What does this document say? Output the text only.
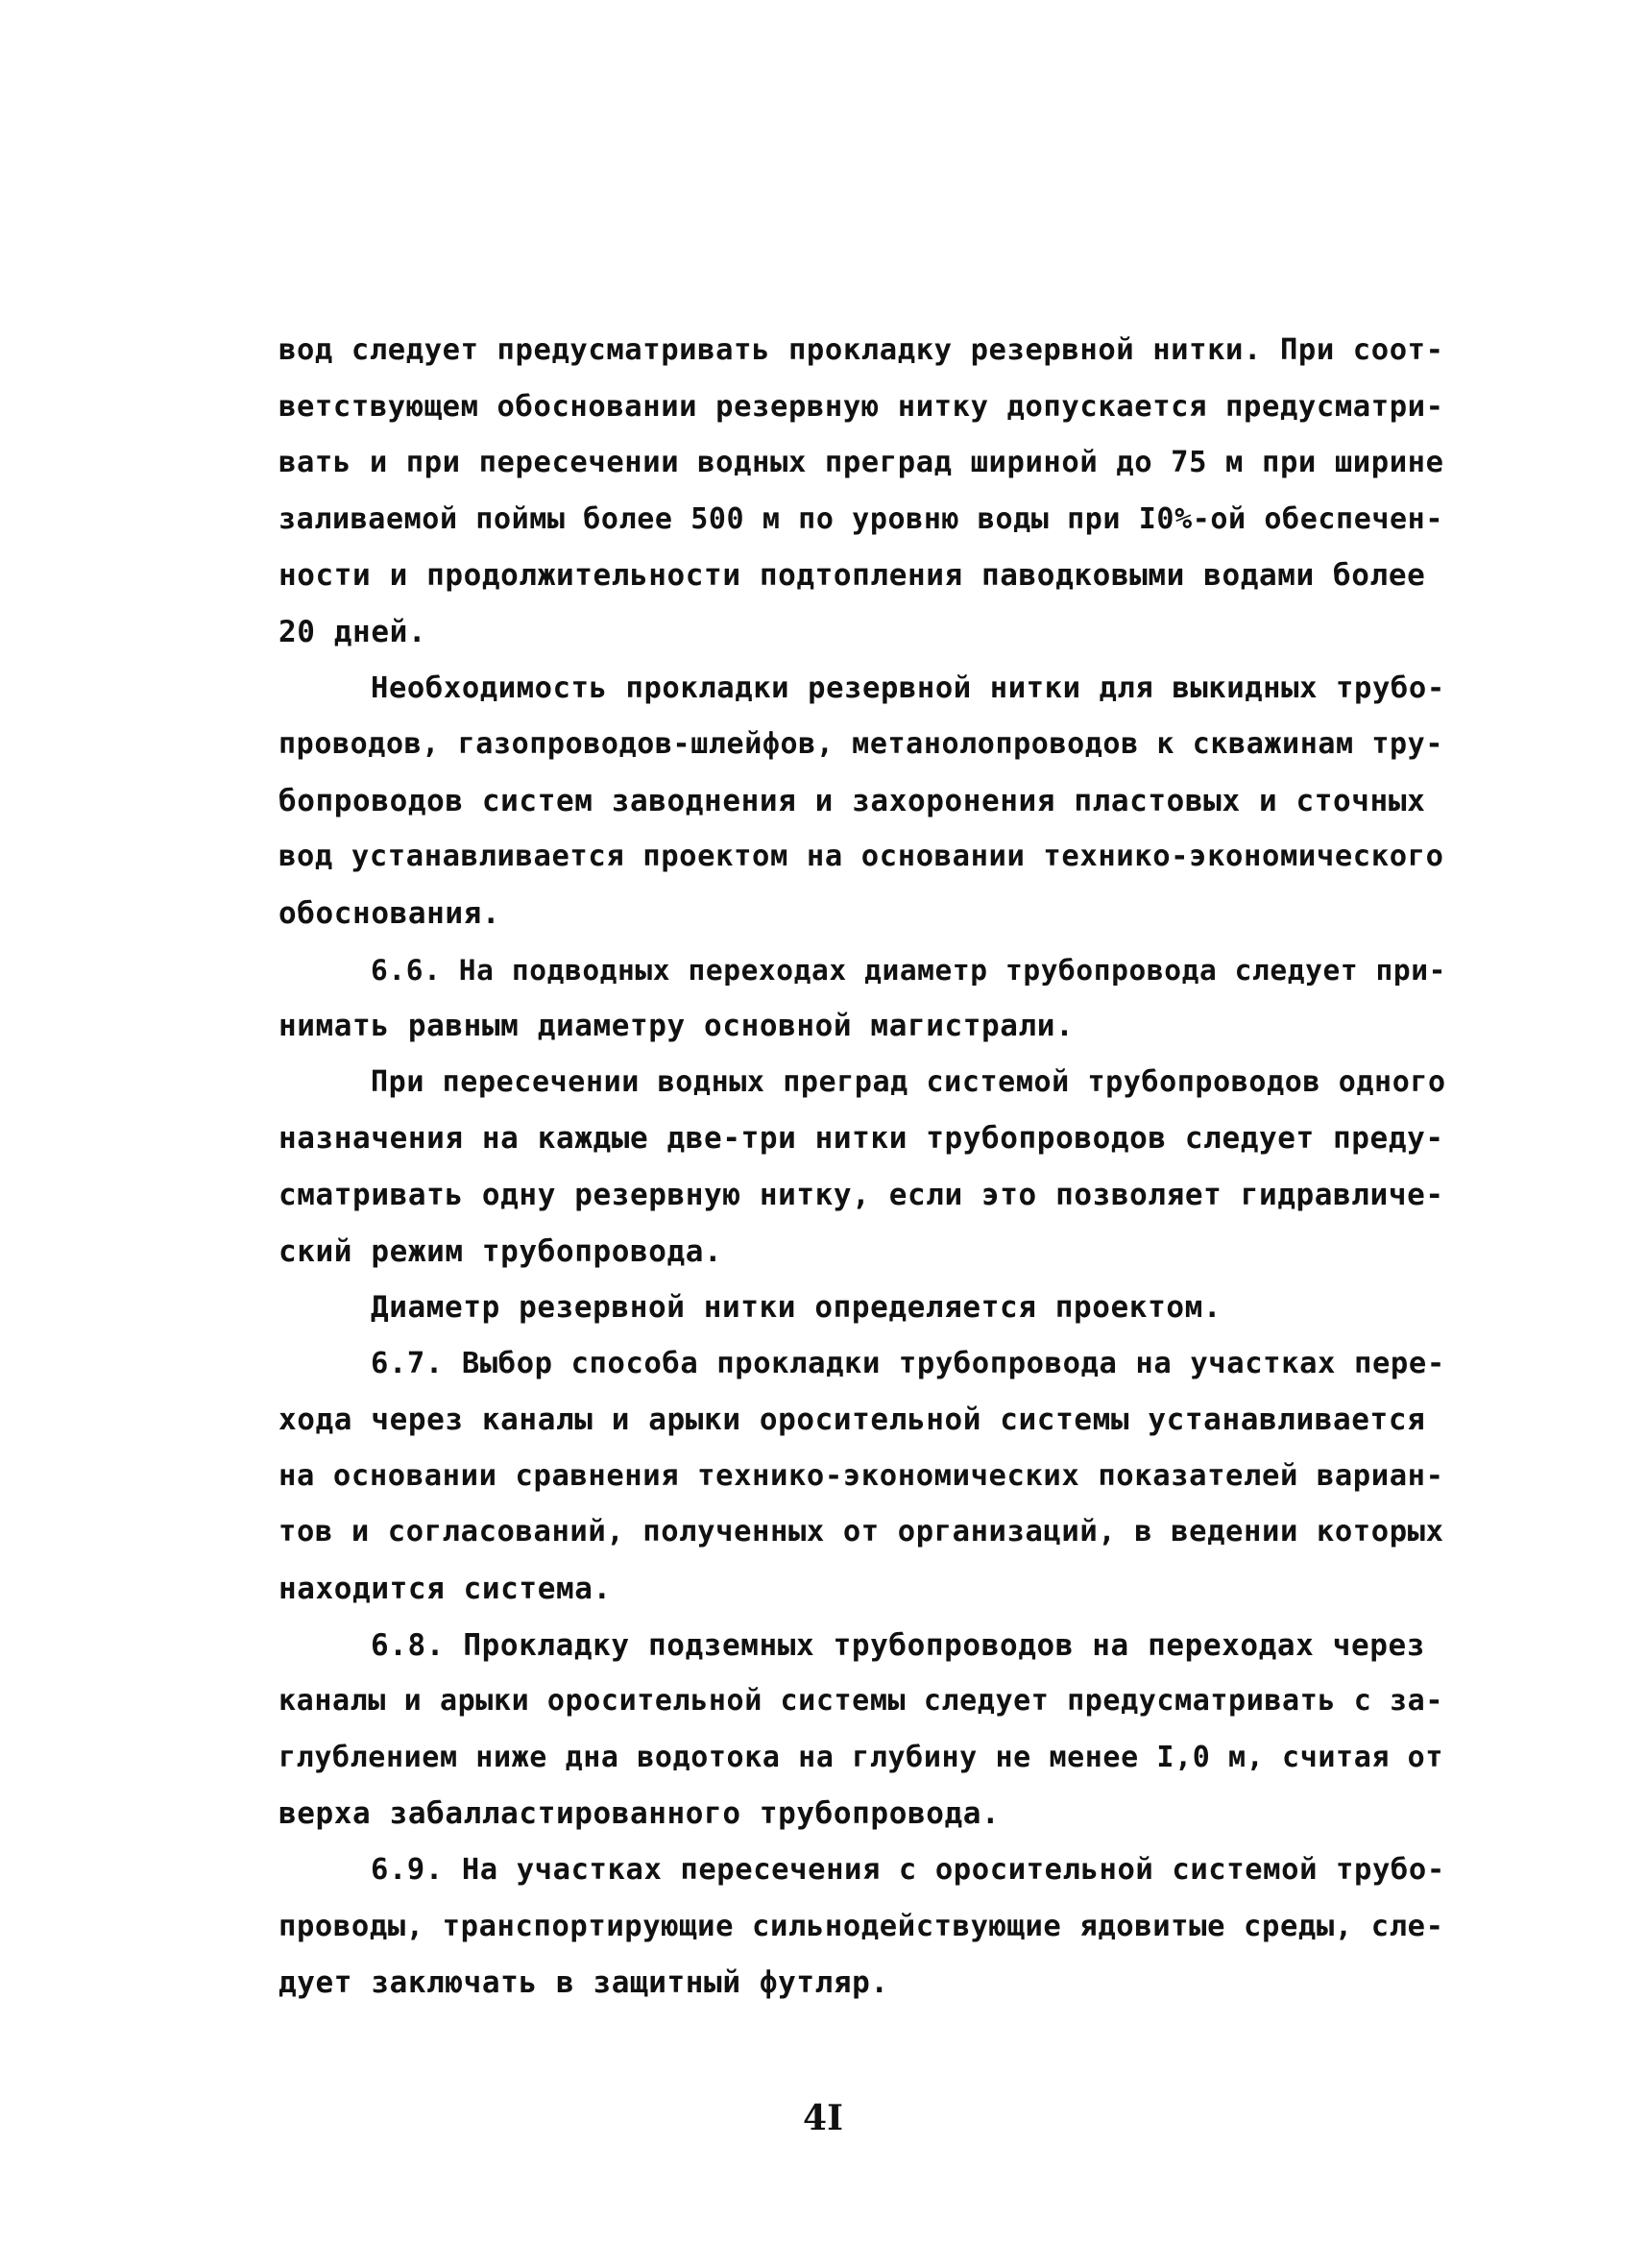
вод следует предусматривать прокладку резервной нитки. При соот-
ветствующем обосновании резервную нитку допускается предусматри-
вать и при пересечении водных преград шириной до 75 м при ширине
заливаемой поймы более 500 м по уровню воды при I0%-ой обеспечен-
ности и продолжительности подтопления паводковыми водами более
20 дней.
Необходимость прокладки резервной нитки для выкидных трубо-
проводов, газопроводов-шлейфов, метанолопроводов к скважинам тру-
бопроводов систем заводнения и захоронения пластовых и сточных
вод устанавливается проектом на основании технико-экономического
обоснования.
6.6. На подводных переходах диаметр трубопровода следует при-
нимать равным диаметру основной магистрали.
При пересечении водных преград системой трубопроводов одного
назначения на каждые две-три нитки трубопроводов следует преду-
сматривать одну резервную нитку, если это позволяет гидравличе-
ский режим трубопровода.
Диаметр резервной нитки определяется проектом.
6.7. Выбор способа прокладки трубопровода на участках пере-
хода через каналы и арыки оросительной системы устанавливается
на основании сравнения технико-экономических показателей вариан-
тов и согласований, полученных от организаций, в ведении которых
находится система.
6.8. Прокладку подземных трубопроводов на переходах через
каналы и арыки оросительной системы следует предусматривать с за-
глублением ниже дна водотока на глубину не менее I,0 м, считая от
верха забалластированного трубопровода.
6.9. На участках пересечения с оросительной системой трубо-
проводы, транспортирующие сильнодействующие ядовитые среды, сле-
дует заключать в защитный футляр.
4I
